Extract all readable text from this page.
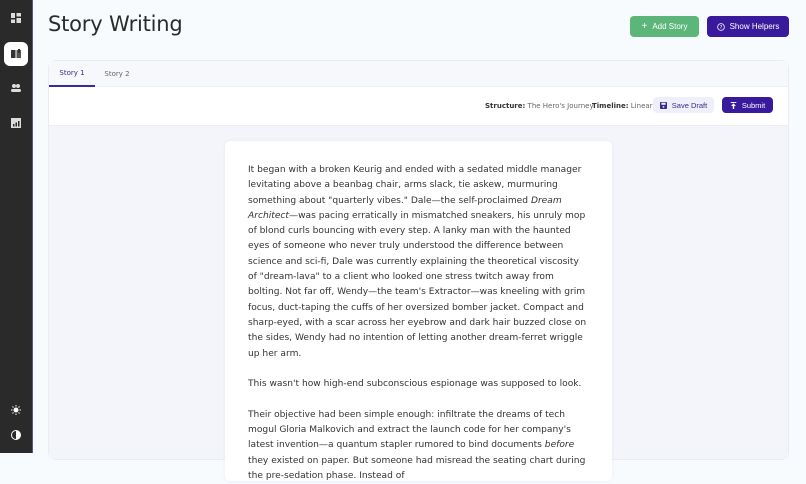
Story Writing	+ Add Story	? Show Helpers
Story 1	Story 2
Structure: The Hero's Journey
Timeline: Linear	Save Draft	Submit

It began with a broken Keurig and ended with a sedated middle manager levitating above a beanbag chair, arms slack, tie askew, murmuring something about "quarterly vibes." Dale—the self-proclaimed Dream Architect—was pacing erratically in mismatched sneakers, his unruly mop of blond curls bouncing with every step. A lanky man with the haunted eyes of someone who never truly understood the difference between science and sci-fi, Dale was currently explaining the theoretical viscosity of "dream-lava" to a client who looked one stress twitch away from bolting. Not far off, Wendy—the team's Extractor—was kneeling with grim focus, duct-taping the cuffs of her oversized bomber jacket. Compact and sharp-eyed, with a scar across her eyebrow and dark hair buzzed close on the sides, Wendy had no intention of letting another dream-ferret wriggle up her arm.

This wasn't how high-end subconscious espionage was supposed to look.

Their objective had been simple enough: infiltrate the dreams of tech mogul Gloria Malkovich and extract the launch code for her company's latest invention—a quantum stapler rumored to bind documents before they existed on paper. But someone had misread the seating chart during the pre-sedation phase. Instead of
